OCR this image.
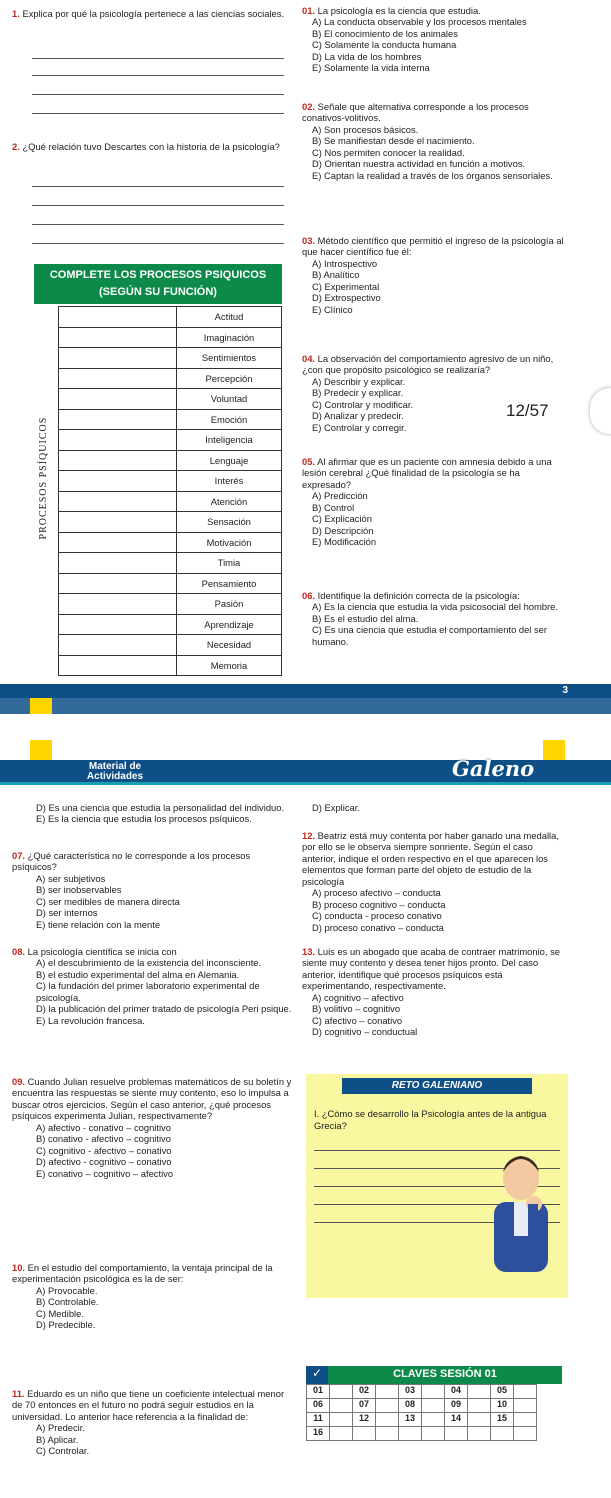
1. Explica por qué la psicología pertenece a las ciencias sociales.
2. ¿Qué relación tuvo Descartes con la historia de la psicología?
COMPLETE LOS PROCESOS PSIQUICOS
(SEGÚN SU FUNCIÓN)
PROCESOS PSÍQUICOS
	Actitud
	Imaginación
	Sentimientos
	Percepción
	Voluntad
	Emoción
	Inteligencia
	Lenguaje
	Interés
	Atención
	Sensación
	Motivación
	Timia
	Pensamiento
	Pasión
	Aprendizaje
	Necesidad
	Memoria
01. La psicología es la ciencia que estudia.
A) La conducta observable y los procesos mentales
B) El conocimiento de los animales
C) Solamente la conducta humana
D) La vida de los hombres
E) Solamente la vida interna
02. Señale que alternativa corresponde a los procesos conativos-volitivos.
A) Son procesos básicos.
B) Se manifiestan desde el nacimiento.
C) Nos permiten conocer la realidad.
D) Orientan nuestra actividad en función a motivos.
E) Captan la realidad a través de los órganos sensoriales.
03. Método científico que permitió el ingreso de la psicología al que hacer científico fue él:
A) Introspectivo
B) Analítico
C) Experimental
D) Extrospectivo
E) Clínico
04. La observación del comportamiento agresivo de un niño, ¿con que propósito psicológico se realizaría?
A) Describir y explicar.
B) Predecir y explicar.
C) Controlar y modificar.
D) Analizar y predecir.
E) Controlar y corregir.
05. Al afirmar que es un paciente con amnesia debido a una lesión cerebral ¿Qué finalidad de la psicología se ha expresado?
A) Predicción
B) Control
C) Explicación
D) Descripción
E) Modificación
06. Identifique la definición correcta de la psicología:
A) Es la ciencia que estudia la vida psicosocial del hombre.
B) Es el estudio del alma.
C) Es una ciencia que estudia el comportamiento del ser humano.
12/57
3
Material de Actividades	Galeno
D) Es una ciencia que estudia la personalidad del individuo.
E) Es la ciencia que estudia los procesos psíquicos.
07. ¿Qué característica no le corresponde a los procesos psíquicos?
A) ser subjetivos
B) ser inobservables
C) ser medibles de manera directa
D) ser internos
E) tiene relación con la mente
08. La psicología científica se inicia con
A) el descubrimiento de la existencia del inconsciente.
B) el estudio experimental del alma en Alemania.
C) la fundación del primer laboratorio experimental de psicología.
D) la publicación del primer tratado de psicología Peri psique.
E) La revolución francesa.
09. Cuando Julian resuelve problemas matemáticos de su boletín y encuentra las respuestas se siente muy contento, eso lo impulsa a buscar otros ejercicios. Según el caso anterior, ¿qué procesos psíquicos experimenta Julian, respectivamente?
A) afectivo - conativo – cognitivo
B) conativo - afectivo – cognitivo
C) cognitivo - afectivo – conativo
D) afectivo - cognitivo – conativo
E) conativo – cognitivo – afectivo
10. En el estudio del comportamiento, la ventaja principal de la experimentación psicológica es la de ser:
A) Provocable.
B) Controlable.
C) Medible.
D) Predecible.
11. Eduardo es un niño que tiene un coeficiente intelectual menor de 70 entonces en el futuro no podrá seguir estudios en la universidad. Lo anterior hace referencia a la finalidad de:
A) Predecir.
B) Aplicar.
C) Controlar.
D) Explicar.
12. Beatriz está muy contenta por haber ganado una medalla, por ello se le observa siempre sonriente. Según el caso anterior, indique el orden respectivo en el que aparecen los elementos que forman parte del objeto de estudio de la psicología
A) proceso afectivo – conducta
B) proceso cognitivo – conducta
C) conducta - proceso conativo
D) proceso conativo – conducta
13. Luis es un abogado que acaba de contraer matrimonio, se siente muy contento y desea tener hijos pronto. Del caso anterior, identifique qué procesos psíquicos está experimentando, respectivamente.
A) cognitivo – afectivo
B) volitivo – cognitivo
C) afectivo – conativo
D) cognitivo – conductual
RETO GALENIANO
I. ¿Cómo se desarrollo la Psicología antes de la antigua Grecia?
✓	CLAVES SESIÓN 01
01		02		03		04		05	
06		07		08		09		10	
11		12		13		14		15	
16									
